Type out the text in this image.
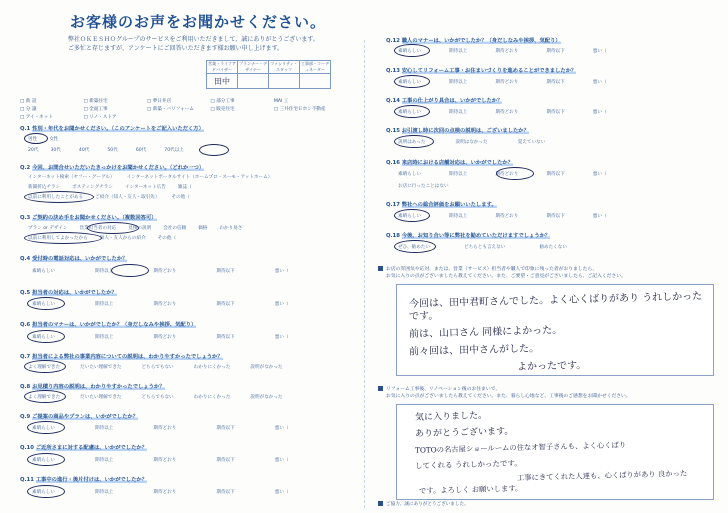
お客様のお声をお聞かせください。
弊社ＯＫＥＳＨＯグループのサービスをご利用いただきまして、誠にありがとうございます。
ご多忙と存じますが、アンケートにご回答いただきます様お願い申し上げます。
営業・ライフアドバイザー	プランナー・デザイナー	ファシリティ・スタッフ	工事部・コーディネーター
田中			
□ 新 設	□ 新築住宅	□ 夢日井店	□ 部分工事	MAI 工
□ 分 譲	□ 全面工事	□ 新築・バリフォーム	□ 販売住宅	□ 三井住宅Ｅホン不動産
□ アイ・ネット	□ リノ・ストア
Q.1 性別・年代をお聞かせください。（このアンケートをご記入いただく方）
男性	女性
20代	30代	40代	50代	60代	70代以上
Q.2 今回、お問合せいただいたきっかけをお聞かせください。（どれか一つ）
インターネット検索（ヤフー・グーグル）	インターネットポータルサイト（ホームプロ・スーモ・アットホーム）
新聞折込チラシ	ポスティングチラシ	インターネット広告	雑誌（
以前に利用したことがある	ご紹介（知人・友人・取引先）	その他（
Q.3 ご契約の決め手をお聞かせください。（複数回答可）
プラン or デザイン	営業担当者の対応	見積の説明	会社の信頼	価格	わかり易さ
以前に利用してよかったから	知人・友人からの紹介	その他（
Q.4 受付時の電話対応は、いかがでしたか？
素晴らしい	期待以上	期待どおり	期待以下	悪い（
Q.5 担当者の対応は、いかがでしたか？
素晴らしい	期待以上	期待どおり	期待以下	悪い（
Q.6 担当者のマナーは、いかがでしたか？（身だしなみや挨拶、気配り）
素晴らしい	期待以上	期待どおり	期待以下	悪い（
Q.7 担当者による弊社の事業内容についての説明は、わかりやすかったでしょうか？
よく理解できた	だいたい理解できた	どちらでもない	わかりにくかった	説明がなかった
Q.8 お見積り内容の説明は、わかりやすかったでしょうか？
よく理解できた	だいたい理解できた	どちらでもない	わかりにくかった	説明がなかった
Q.9 ご提案の商品やプランは、いかがでしたか？
素晴らしい	期待以上	期待どおり	期待以下	悪い（
Q.10 ご近所さまに対する配慮は、いかがでしたか？
素晴らしい	期待以上	期待どおり	期待以下	悪い（
Q.11 工事中の進行・後片付けは、いかがでしたか？
素晴らしい	期待以上	期待どおり	期待以下	悪い（
Q.12 職人のマナーは、いかがでしたか？（身だしなみや挨拶、気配り）
素晴らしい	期待以上	期待どおり	期待以下	悪い（
Q.13 安心してリフォーム工事・お住まいづくりを進めることができましたか？
素晴らしい	期待以上	期待どおり	期待以下	悪い（
Q.14 工事の仕上がり具合は、いかがでしたか？
素晴らしい	期待以上	期待どおり	期待以下	悪い（
Q.15 お引渡し時に次回の点検の説明は、ございましたか？
説明はあった	説明はなかった	覚えていない
Q.16 来店時における店舗対応は、いかがでしたか？
素晴らしい	期待以上	期待どおり	期待以下	悪い（
お店に行ったことはない
Q.17 弊社への総合評価をお願いいたします。
素晴らしい	期待以上	期待どおり	期待以下	悪い（
Q.18 今後、お知り合い等に弊社を勧めていただけますでしょうか？
ぜひ、勧めたい	どちらとも言えない	勧めたくない
お店の雰囲気や応対、または、営業（サービス）担当者や職人で印象に残った者がおりましたら、
お気に入りの点がございましたら教えてください。また、ご要望・ご意見がございましたら、ご記入ください。
今回は、田中君町さんでした。よく心くばりがあり うれしかった
です。
前は、山口さん 同様によかった。
前々回は、田中さんがした。
よかったです。
リフォーム工事後、リノベーション後のお住まいで、
お気に入りの点がございましたら教えてください。また、暮らし心地など、工事後のご感想をお聞かせください。
気に入りました。
ありがとうございます。
TOTOの名古屋ショールームの住なオ智子さんも、よく心くばり
してくれる うれしかったです。
工事にきてくれた人達も、心くばりがあり 良かった
です。よろしく お願いします。
ご協力、誠にありがとうございました。
